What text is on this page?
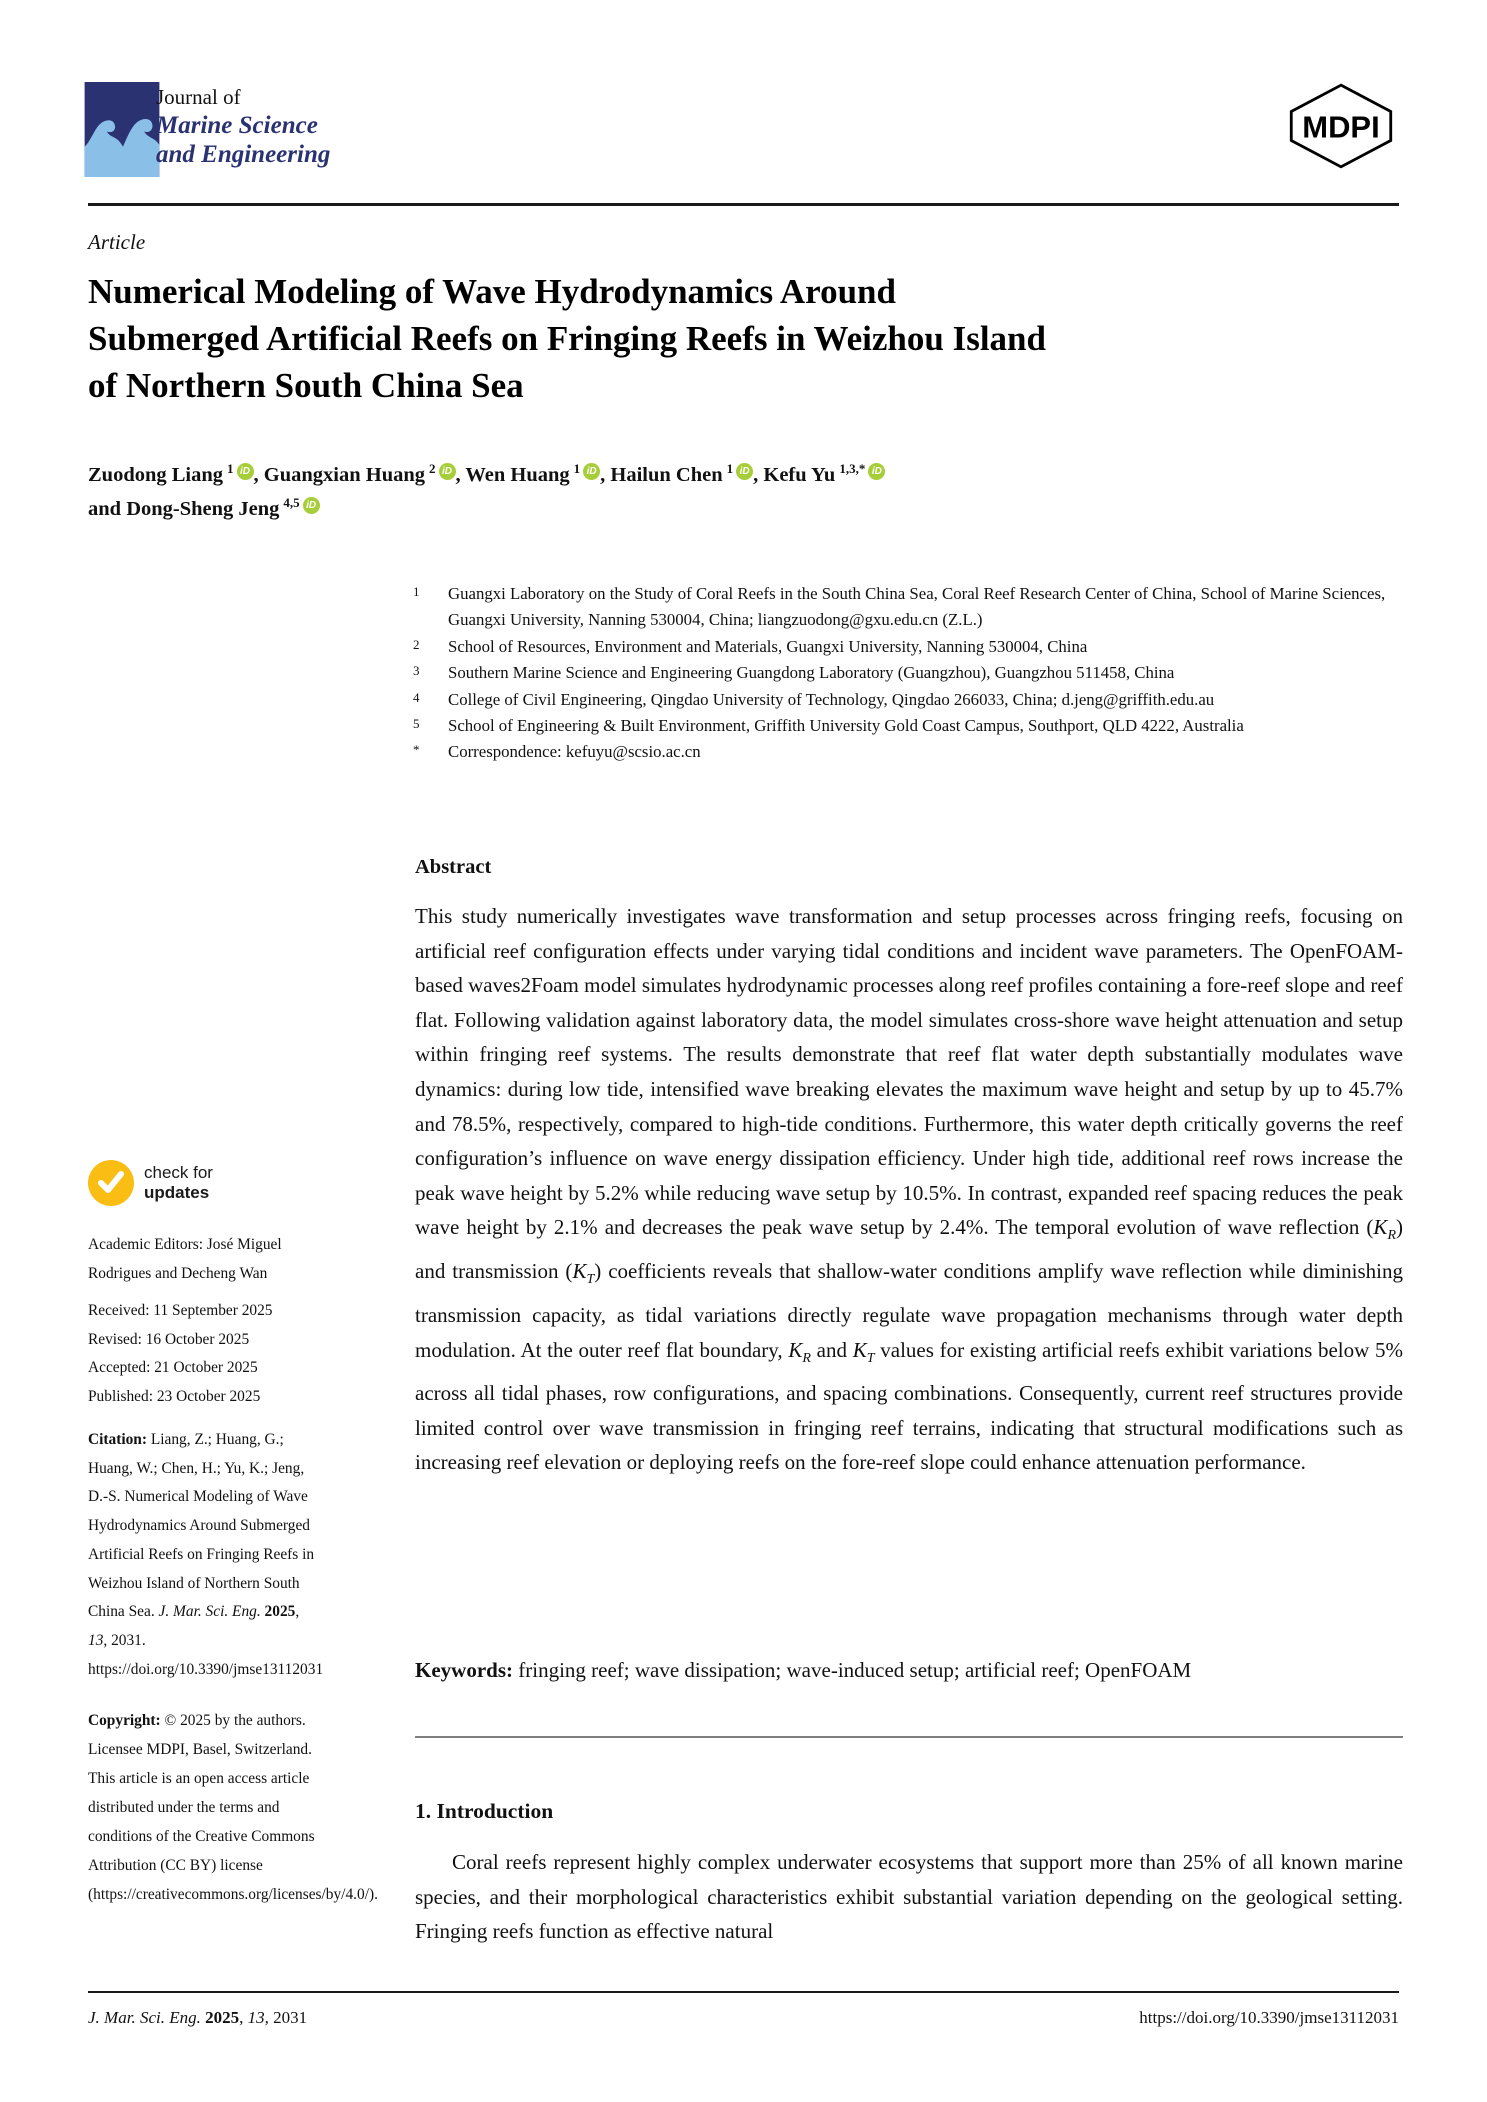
Journal of
Marine Science
and Engineering
MDPI
Article
Numerical Modeling of Wave Hydrodynamics Around
Submerged Artificial Reefs on Fringing Reefs in Weizhou Island
of Northern South China Sea
Zuodong Liang $^1$ iD , Guangxian Huang $^2$ iD , Wen Huang $^1$ iD , Hailun Chen $^1$ iD , Kefu Yu $^{1,3,*}$ iD
and Dong-Sheng Jeng $^{4,5}$ iD
1	Guangxi Laboratory on the Study of Coral Reefs in the South China Sea, Coral Reef Research Center of China, School of Marine Sciences, Guangxi University, Nanning 530004, China; liangzuodong@gxu.edu.cn (Z.L.)
2	School of Resources, Environment and Materials, Guangxi University, Nanning 530004, China
3	Southern Marine Science and Engineering Guangdong Laboratory (Guangzhou), Guangzhou 511458, China
4	College of Civil Engineering, Qingdao University of Technology, Qingdao 266033, China; d.jeng@griffith.edu.au
5	School of Engineering & Built Environment, Griffith University Gold Coast Campus, Southport, QLD 4222, Australia
*	Correspondence: kefuyu@scsio.ac.cn
Abstract
This study numerically investigates wave transformation and setup processes across fringing reefs, focusing on artificial reef configuration effects under varying tidal conditions and incident wave parameters. The OpenFOAM-based waves2Foam model simulates hydrodynamic processes along reef profiles containing a fore-reef slope and reef flat. Following validation against laboratory data, the model simulates cross-shore wave height attenuation and setup within fringing reef systems. The results demonstrate that reef flat water depth substantially modulates wave dynamics: during low tide, intensified wave breaking elevates the maximum wave height and setup by up to 45.7% and 78.5%, respectively, compared to high-tide conditions. Furthermore, this water depth critically governs the reef configuration’s influence on wave energy dissipation efficiency. Under high tide, additional reef rows increase the peak wave height by 5.2% while reducing wave setup by 10.5%. In contrast, expanded reef spacing reduces the peak wave height by 2.1% and decreases the peak wave setup by 2.4%. The temporal evolution of wave reflection $(K_R)$ and transmission $(K_T)$ coefficients reveals that shallow-water conditions amplify wave reflection while diminishing transmission capacity, as tidal variations directly regulate wave propagation mechanisms through water depth modulation. At the outer reef flat boundary, $K_R$ and $K_T$ values for existing artificial reefs exhibit variations below 5% across all tidal phases, row configurations, and spacing combinations. Consequently, current reef structures provide limited control over wave transmission in fringing reef terrains, indicating that structural modifications such as increasing reef elevation or deploying reefs on the fore-reef slope could enhance attenuation performance.
Keywords: fringing reef; wave dissipation; wave-induced setup; artificial reef; OpenFOAM
1. Introduction
Coral reefs represent highly complex underwater ecosystems that support more than 25% of all known marine species, and their morphological characteristics exhibit substantial variation depending on the geological setting. Fringing reefs function as effective natural
check for
updates
Academic Editors: José Miguel Rodrigues and Decheng Wan
Received: 11 September 2025
Revised: 16 October 2025
Accepted: 21 October 2025
Published: 23 October 2025
Citation: Liang, Z.; Huang, G.; Huang, W.; Chen, H.; Yu, K.; Jeng, D.-S. Numerical Modeling of Wave Hydrodynamics Around Submerged Artificial Reefs on Fringing Reefs in Weizhou Island of Northern South China Sea. J. Mar. Sci. Eng. 2025, 13, 2031. https://doi.org/10.3390/jmse13112031
Copyright: © 2025 by the authors. Licensee MDPI, Basel, Switzerland. This article is an open access article distributed under the terms and conditions of the Creative Commons Attribution (CC BY) license (https://creativecommons.org/licenses/by/4.0/).
J. Mar. Sci. Eng. 2025, 13, 2031	https://doi.org/10.3390/jmse13112031
